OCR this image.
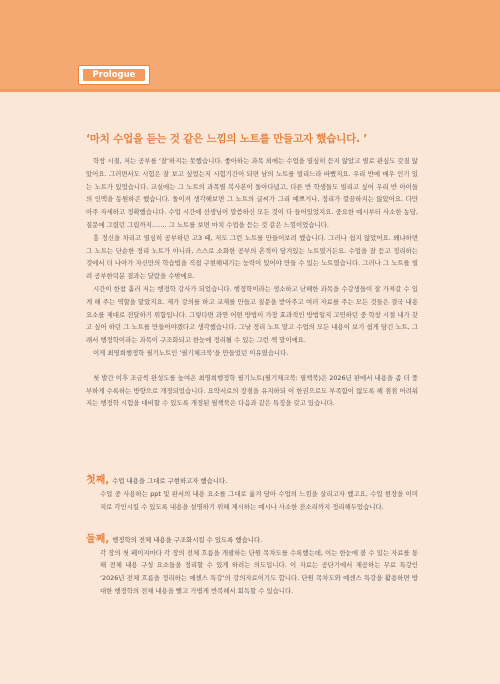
Prologue
‘마치 수업을 듣는 것 같은 느낌의 노트를 만들고자 했습니다. ’

학창 시절, 저는 공부를 ‘잘’하지는 못했습니다. 좋아하는 과목 외에는 수업을 열심히 듣지 않았고 별로 관심도 갖질 않았어요. 그러면서도 시험은 잘 보고 싶었는지 시험기간이 되면 남의 노트를 빌리느라 바빴지요. 우리 반에 매우 인기 있는 노트가 있었습니다. 교실에는 그 노트의 과목별 복사본이 돌아다녔고, 다른 반 학생들도 빌리고 싶어 우리 반 아이들의 인맥을 동원하곤 했습니다. 돌이켜 생각해보면 그 노트의 글씨가 그리 예쁘거나, 정리가 깔끔하지는 않았어요. 다만 아주 자세하고 정확했습니다. 수업 시간에 선생님이 말씀하신 모든 것이 다 들어있었지요. 중요한 예시부터 사소한 농담, 질문에 그렸던 그림까지……. 그 노트를 보면 마치 수업을 듣는 것 같은 느낌이었습니다.

흥 정신을 차리고 열심히 공부하던 고3 때, 저도 그런 노트를 만들어보려 했습니다. 그러나 쉽지 않았어요. 왜냐하면 그 노트는 단순한 정리 노트가 아니라, 스스로 소화한 공부의 흔적이 담겨있는 노트였거든요. 수업을 잘 듣고 정리하는 것에서 더 나아가 자신만의 학습법을 직접 구현해내기는 능력이 있어야 만들 수 있는 노트였습니다. 그러나 그 노트를 빌려 공부한덕분 결과는 달랐을 수밖에요.

시간이 한참 흘러 저는 행정학 강사가 되었습니다. 행정학이라는 생소하고 난해한 과목을 수강생들이 잘 가져갈 수 있게 해 주는 역할을 맡았지요. 제가 강의를 하고 교재를 만들고 질문을 받아주고 여러 자료를 주는 모든 것들은 결국 내용 요소를 제대로 전달하기 위함입니다. 그렇다면 과연 어떤 방법이 가장 효과적인 방법일지 고민하던 중 학창 시절 내가 갖고 싶어 하던 그 노트를 만들어야겠다고 생각했습니다. 그냥 정리 노트 말고 수업의 모든 내용이 보기 쉽게 담긴 노트, 그래서 행정학이라는 과목이 구조화되고 한눈에 정리될 수 있는 그런 책 말이에요.

이게 최영희행정학 필기노트인 ‘필기체크북’을 만들었던 이유였습니다.

첫 발간 이후 조금씩 완성도를 높여온 최영희행정학 필기노트(필기체크북: 필책북)은 2026년 판에서 내용을 좀 더 풍부하게 수록하는 방향으로 개정되었습니다. 요약서로의 장점을 유지하되 이 한권으로도 부족함이 없도록 해 점점 어려워지는 행정학 시험을 대비할 수 있도록 개정된 필책북은 다음과 같은 특징을 갖고 있습니다.

첫째, 수업 내용을 그대로 구현하고자 했습니다.
수업 중 사용하는 ppt 및 판서의 내용 요소를 그대로 옮겨 담아 수업의 느낌을 살리고자 했고요, 수업 현장을 이미지로 각인시킬 수 있도록 내용을 설명하기 위해 제시하는 예시나 사소한 잔소리까지 정리해두었습니다.
둘째, 행정학의 전체 내용을 구조화시킬 수 있도록 했습니다.
각 장의 첫 페이지마다 각 장의 전체 흐름을 개괄하는 단원 목차도를 수록했는데, 이는 한눈에 볼 수 있는 자료를 통해 전체 내용 구성 요소들을 정리할 수 있게 하려는 의도입니다. 이 자료는 공단기에서 제공하는 무료 특강인 ‘2026년 전체 흐름을 정리하는 예센스 특강’의 강의자료이기도 합니다. 단원 목차도와 예센스 특강을 활용하면 방대한 행정학의 전체 내용을 빨고 가볍게 반복해서 회독할 수 있습니다.
